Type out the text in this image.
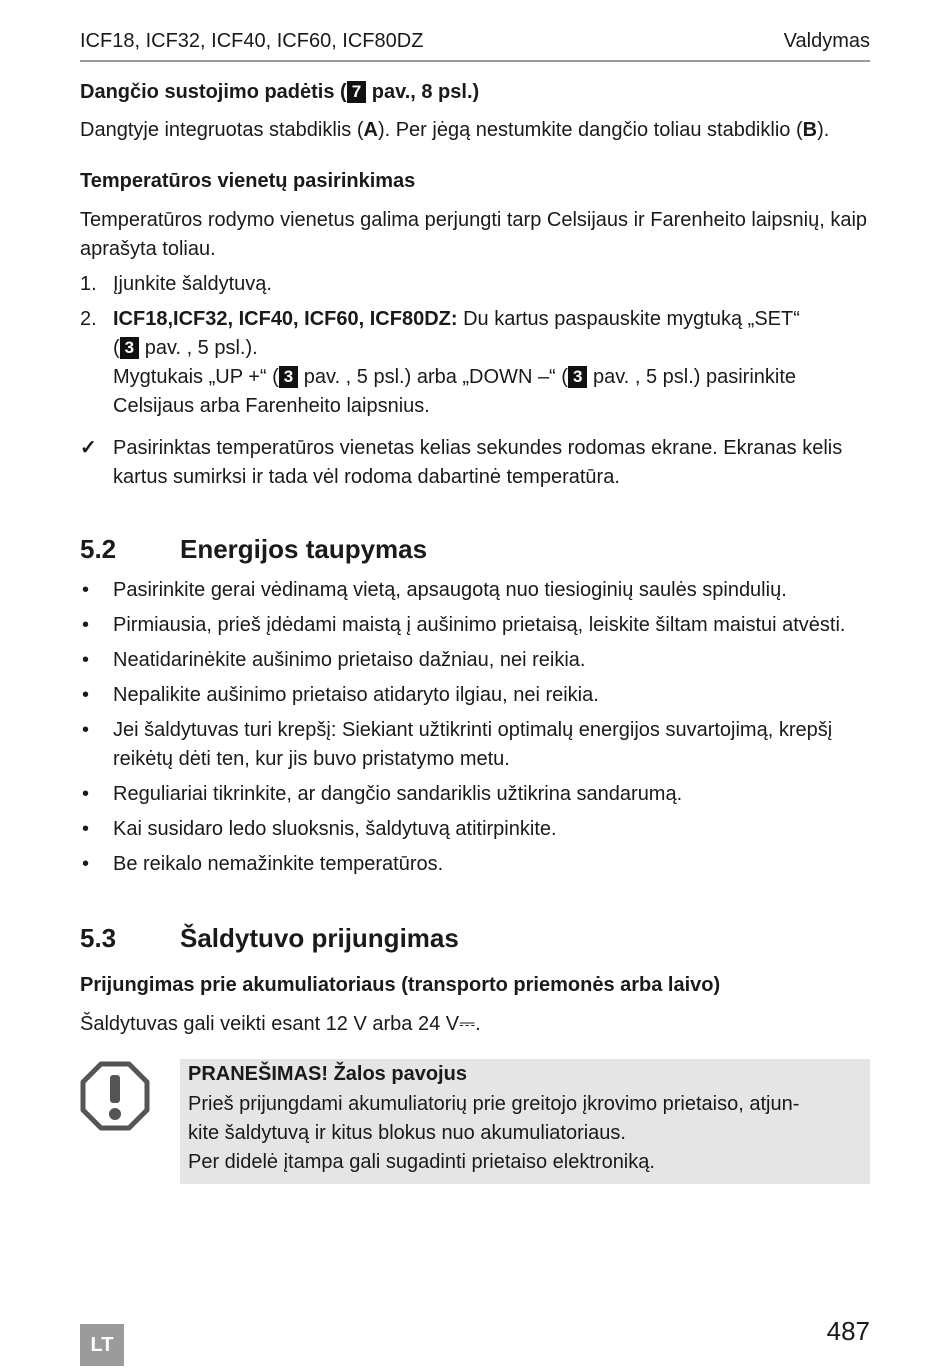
ICF18, ICF32, ICF40, ICF60, ICF80DZ	Valdymas

Dangčio sustojimo padėtis ( 7 pav., 8 psl.)

Dangtyje integruotas stabdiklis (A). Per jėgą nestumkite dangčio toliau stabdiklio (B).

Temperatūros vienetų pasirinkimas

Temperatūros rodymo vienetus galima perjungti tarp Celsijaus ir Farenheito laipsnių, kaip aprašyta toliau.

1. Įjunkite šaldytuvą.
2. ICF18,ICF32, ICF40, ICF60, ICF80DZ: Du kartus paspauskite mygtuką „SET“
( 3 pav. , 5 psl.).
Mygtukais „UP +“ ( 3 pav. , 5 psl.) arba „DOWN –“ ( 3 pav. , 5 psl.) pasirinkite Celsijaus arba Farenheito laipsnius.
✓ Pasirinktas temperatūros vienetas kelias sekundes rodomas ekrane. Ekranas kelis kartus sumirksi ir tada vėl rodoma dabartinė temperatūra.
5.2 Energijos taupymas
• Pasirinkite gerai vėdinamą vietą, apsaugotą nuo tiesioginių saulės spindulių.
• Pirmiausia, prieš įdėdami maistą į aušinimo prietaisą, leiskite šiltam maistui atvėsti.
• Neatidarinėkite aušinimo prietaiso dažniau, nei reikia.
• Nepalikite aušinimo prietaiso atidaryto ilgiau, nei reikia.
• Jei šaldytuvas turi krepšį: Siekiant užtikrinti optimalų energijos suvartojimą, krepšį reikėtų dėti ten, kur jis buvo pristatymo metu.
• Reguliariai tikrinkite, ar dangčio sandariklis užtikrina sandarumą.
• Kai susidaro ledo sluoksnis, šaldytuvą atitirpinkite.
• Be reikalo nemažinkite temperatūros.
5.3 Šaldytuvo prijungimas

Prijungimas prie akumuliatoriaus (transporto priemonės arba laivo)

Šaldytuvas gali veikti esant 12 V arba 24 V⎓.

PRANEŠIMAS! Žalos pavojus
Prieš prijungdami akumuliatorių prie greitojo įkrovimo prietaiso, atjun-
kite šaldytuvą ir kitus blokus nuo akumuliatoriaus.
Per didelė įtampa gali sugadinti prietaiso elektroniką.
LT	487
